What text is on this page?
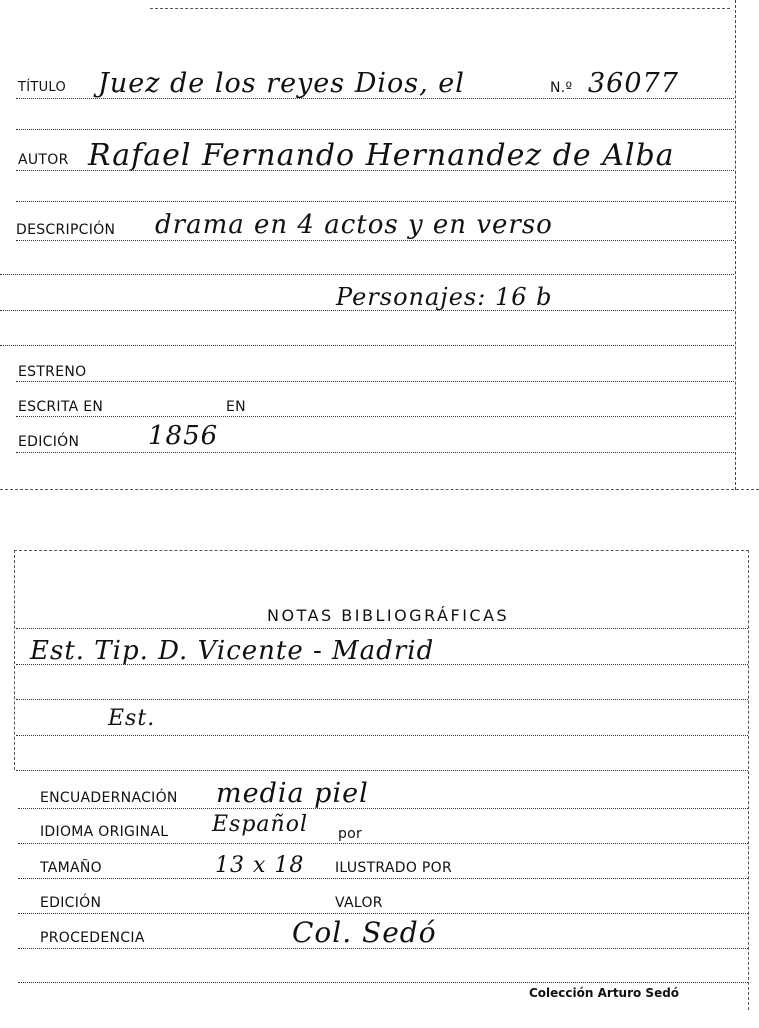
TÍTULO Juez de los reyes Dios, el	N.º 36077
AUTOR Rafael Fernando Hernandez de Alba
DESCRIPCIÓN drama en 4 actos y en verso
Personajes: 16 b
ESTRENO
ESCRITA EN	EN
EDICIÓN	1856
NOTAS BIBLIOGRÁFICAS
Est. Tip. D. Vicente - Madrid
Est.
ENCUADERNACIÓN media piel
IDIOMA ORIGINAL Español por
TAMAÑO	13 x 18 ILUSTRADO POR
EDICIÓN	VALOR
PROCEDENCIA	Col. Sedó
Colección Arturo Sedó
